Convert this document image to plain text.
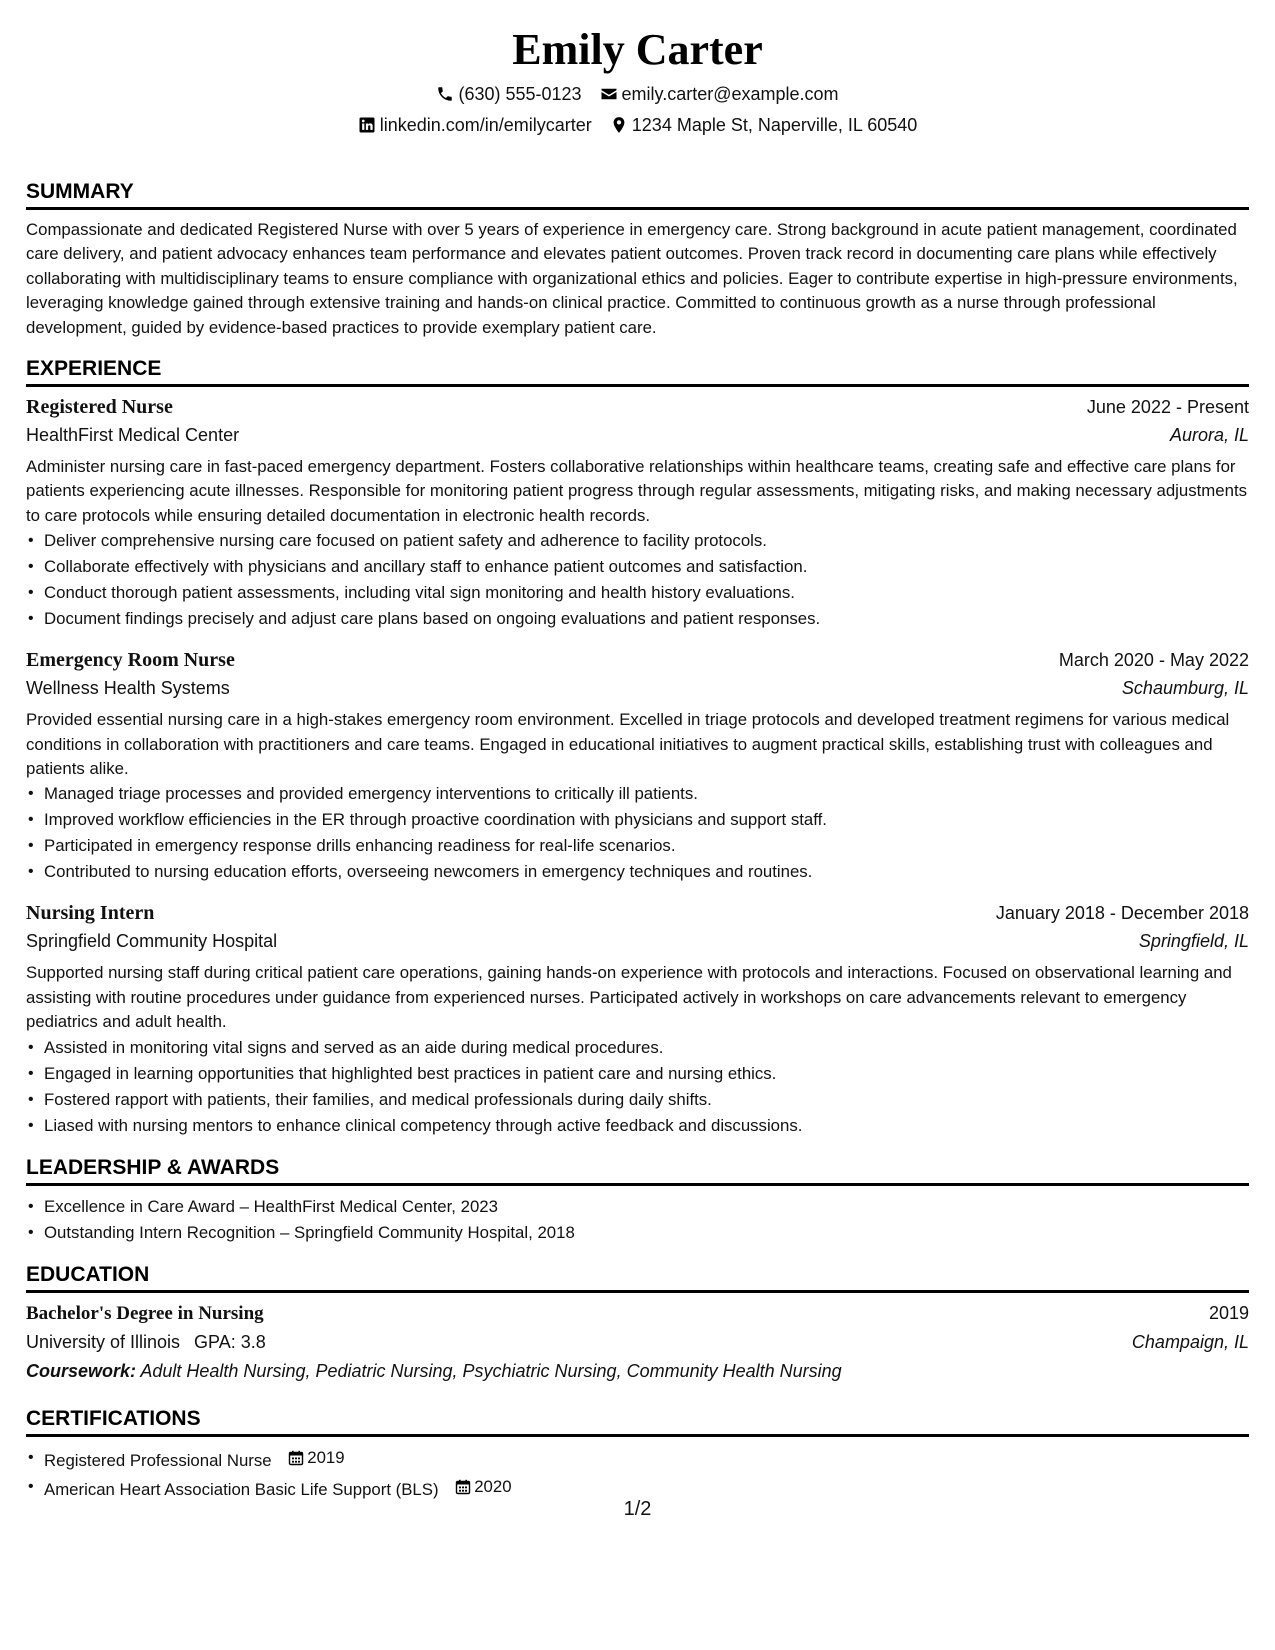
Emily Carter
(630) 555-0123 emily.carter@example.com
linkedin.com/in/emilycarter 1234 Maple St, Naperville, IL 60540
SUMMARY

Compassionate and dedicated Registered Nurse with over 5 years of experience in emergency care. Strong background in acute patient management, coordinated care delivery, and patient advocacy enhances team performance and elevates patient outcomes. Proven track record in documenting care plans while effectively collaborating with multidisciplinary teams to ensure compliance with organizational ethics and policies. Eager to contribute expertise in high-pressure environments, leveraging knowledge gained through extensive training and hands-on clinical practice. Committed to continuous growth as a nurse through professional development, guided by evidence-based practices to provide exemplary patient care.

EXPERIENCE
Registered Nurse	June 2022 - Present
HealthFirst Medical Center	Aurora, IL

Administer nursing care in fast-paced emergency department. Fosters collaborative relationships within healthcare teams, creating safe and effective care plans for patients experiencing acute illnesses. Responsible for monitoring patient progress through regular assessments, mitigating risks, and making necessary adjustments to care protocols while ensuring detailed documentation in electronic health records.

• Deliver comprehensive nursing care focused on patient safety and adherence to facility protocols.
• Collaborate effectively with physicians and ancillary staff to enhance patient outcomes and satisfaction.
• Conduct thorough patient assessments, including vital sign monitoring and health history evaluations.
• Document findings precisely and adjust care plans based on ongoing evaluations and patient responses.
Emergency Room Nurse	March 2020 - May 2022
Wellness Health Systems	Schaumburg, IL

Provided essential nursing care in a high-stakes emergency room environment. Excelled in triage protocols and developed treatment regimens for various medical conditions in collaboration with practitioners and care teams. Engaged in educational initiatives to augment practical skills, establishing trust with colleagues and patients alike.

• Managed triage processes and provided emergency interventions to critically ill patients.
• Improved workflow efficiencies in the ER through proactive coordination with physicians and support staff.
• Participated in emergency response drills enhancing readiness for real-life scenarios.
• Contributed to nursing education efforts, overseeing newcomers in emergency techniques and routines.
Nursing Intern	January 2018 - December 2018
Springfield Community Hospital	Springfield, IL

Supported nursing staff during critical patient care operations, gaining hands-on experience with protocols and interactions. Focused on observational learning and assisting with routine procedures under guidance from experienced nurses. Participated actively in workshops on care advancements relevant to emergency pediatrics and adult health.

• Assisted in monitoring vital signs and served as an aide during medical procedures.
• Engaged in learning opportunities that highlighted best practices in patient care and nursing ethics.
• Fostered rapport with patients, their families, and medical professionals during daily shifts.
• Liased with nursing mentors to enhance clinical competency through active feedback and discussions.
LEADERSHIP & AWARDS
• Excellence in Care Award – HealthFirst Medical Center, 2023
• Outstanding Intern Recognition – Springfield Community Hospital, 2018
EDUCATION
Bachelor's Degree in Nursing	2019
University of Illinois GPA: 3.8	Champaign, IL
Coursework: Adult Health Nursing, Pediatric Nursing, Psychiatric Nursing, Community Health Nursing
CERTIFICATIONS
• Registered Professional Nurse 2019
• American Heart Association Basic Life Support (BLS) 2020
1/2
